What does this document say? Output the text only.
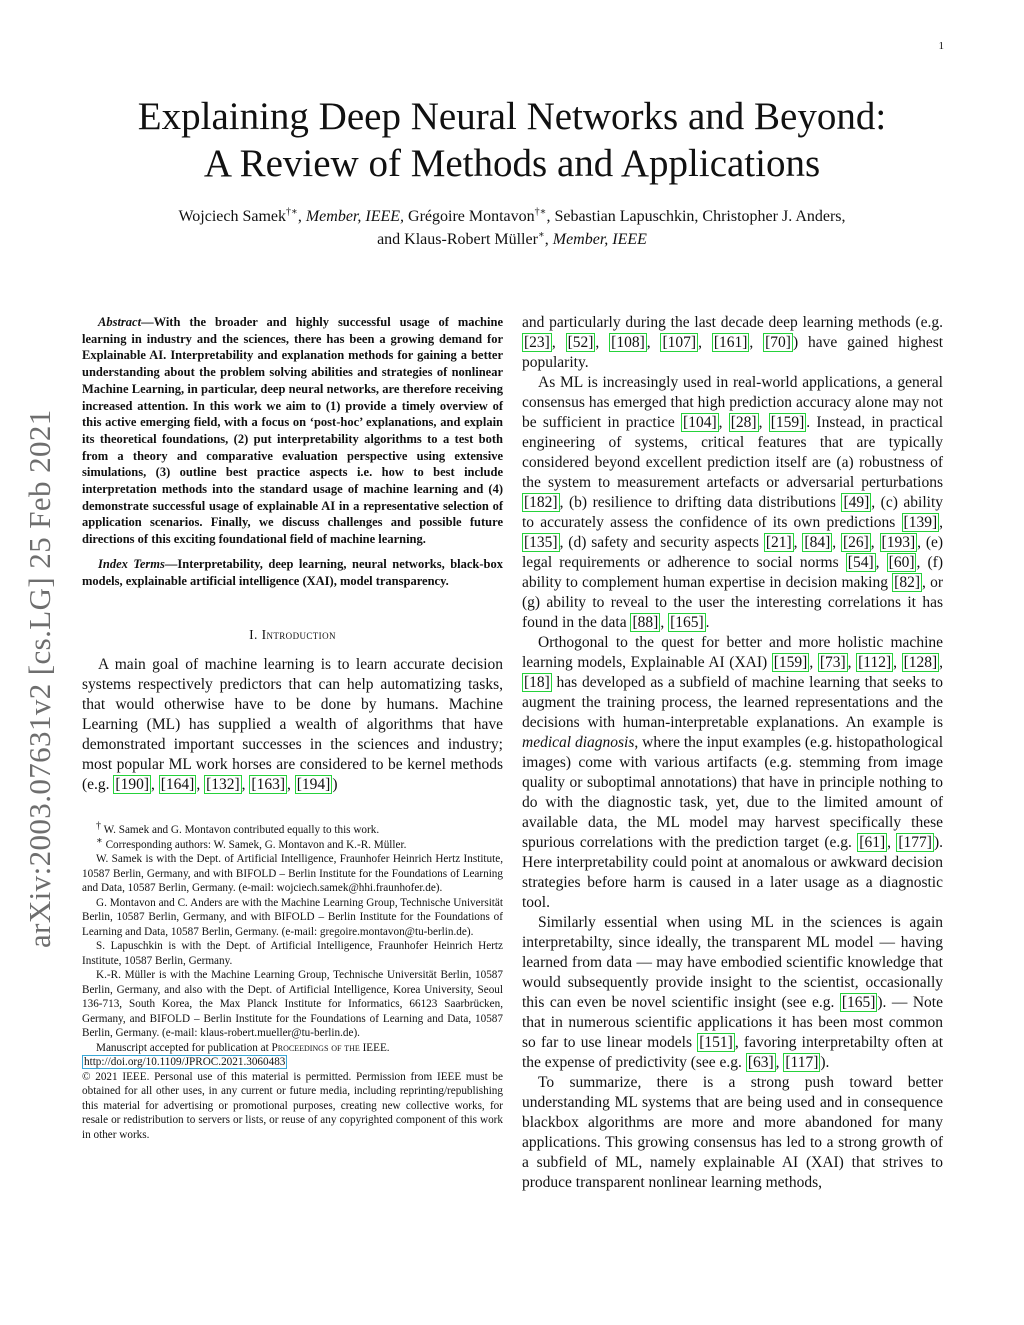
1
arXiv:2003.07631v2 [cs.LG] 25 Feb 2021
Explaining Deep Neural Networks and Beyond:
A Review of Methods and Applications
Wojciech Samek†∗, Member, IEEE, Grégoire Montavon†∗, Sebastian Lapuschkin, Christopher J. Anders,
and Klaus-Robert Müller∗, Member, IEEE

Abstract—With the broader and highly successful usage of machine learning in industry and the sciences, there has been a growing demand for Explainable AI. Interpretability and explanation methods for gaining a better understanding about the problem solving abilities and strategies of nonlinear Machine Learning, in particular, deep neural networks, are therefore receiving increased attention. In this work we aim to (1) provide a timely overview of this active emerging field, with a focus on ‘post-hoc’ explanations, and explain its theoretical foundations, (2) put interpretability algorithms to a test both from a theory and comparative evaluation perspective using extensive simulations, (3) outline best practice aspects i.e. how to best include interpretation methods into the standard usage of machine learning and (4) demonstrate successful usage of explainable AI in a representative selection of application scenarios. Finally, we discuss challenges and possible future directions of this exciting foundational field of machine learning.

Index Terms—Interpretability, deep learning, neural networks, black-box models, explainable artificial intelligence (XAI), model transparency.

I. Introduction

A main goal of machine learning is to learn accurate decision systems respectively predictors that can help automatizing tasks, that would otherwise have to be done by humans. Machine Learning (ML) has supplied a wealth of algorithms that have demonstrated important successes in the sciences and industry; most popular ML work horses are considered to be kernel methods (e.g. [190] , [164] , [132] , [163] , [194] )

† W. Samek and G. Montavon contributed equally to this work.

∗ Corresponding authors: W. Samek, G. Montavon and K.-R. Müller.

W. Samek is with the Dept. of Artificial Intelligence, Fraunhofer Heinrich Hertz Institute, 10587 Berlin, Germany, and with BIFOLD – Berlin Institute for the Foundations of Learning and Data, 10587 Berlin, Germany. (e-mail: wojciech.samek@hhi.fraunhofer.de).

G. Montavon and C. Anders are with the Machine Learning Group, Technische Universität Berlin, 10587 Berlin, Germany, and with BIFOLD – Berlin Institute for the Foundations of Learning and Data, 10587 Berlin, Germany. (e-mail: gregoire.montavon@tu-berlin.de).

S. Lapuschkin is with the Dept. of Artificial Intelligence, Fraunhofer Heinrich Hertz Institute, 10587 Berlin, Germany.

K.-R. Müller is with the Machine Learning Group, Technische Universität Berlin, 10587 Berlin, Germany, and also with the Dept. of Artificial Intelligence, Korea University, Seoul 136-713, South Korea, the Max Planck Institute for Informatics, 66123 Saarbrücken, Germany, and BIFOLD – Berlin Institute for the Foundations of Learning and Data, 10587 Berlin, Germany. (e-mail: klaus-robert.mueller@tu-berlin.de).

Manuscript accepted for publication at Proceedings of the IEEE.

http://doi.org/10.1109/JPROC.2021.3060483

© 2021 IEEE. Personal use of this material is permitted. Permission from IEEE must be obtained for all other uses, in any current or future media, including reprinting/republishing this material for advertising or promotional purposes, creating new collective works, for resale or redistribution to servers or lists, or reuse of any copyrighted component of this work in other works.

and particularly during the last decade deep learning methods (e.g. [23] , [52] , [108] , [107] , [161] , [70] ) have gained highest popularity.

As ML is increasingly used in real-world applications, a general consensus has emerged that high prediction accuracy alone may not be sufficient in practice [104] , [28] , [159] . Instead, in practical engineering of systems, critical features that are typically considered beyond excellent prediction itself are (a) robustness of the system to measurement artefacts or adversarial perturbations [182] , (b) resilience to drifting data distributions [49] , (c) ability to accurately assess the confidence of its own predictions [139] , [135] , (d) safety and security aspects [21] , [84] , [26] , [193] , (e) legal requirements or adherence to social norms [54] , [60] , (f) ability to complement human expertise in decision making [82] , or (g) ability to reveal to the user the interesting correlations it has found in the data [88] , [165] .

Orthogonal to the quest for better and more holistic machine learning models, Explainable AI (XAI) [159] , [73] , [112] , [128] , [18] has developed as a subfield of machine learning that seeks to augment the training process, the learned representations and the decisions with human-interpretable explanations. An example is medical diagnosis, where the input examples (e.g. histopathological images) come with various artifacts (e.g. stemming from image quality or suboptimal annotations) that have in principle nothing to do with the diagnostic task, yet, due to the limited amount of available data, the ML model may harvest specifically these spurious correlations with the prediction target (e.g. [61] , [177] ). Here interpretability could point at anomalous or awkward decision strategies before harm is caused in a later usage as a diagnostic tool.

Similarly essential when using ML in the sciences is again interpretabilty, since ideally, the transparent ML model — having learned from data — may have embodied scientific knowledge that would subsequently provide insight to the scientist, occasionally this can even be novel scientific insight (see e.g. [165] ). — Note that in numerous scientific applications it has been most common so far to use linear models [151] , favoring interpretabilty often at the expense of predictivity (see e.g. [63] , [117] ).

To summarize, there is a strong push toward better understanding ML systems that are being used and in consequence blackbox algorithms are more and more abandoned for many applications. This growing consensus has led to a strong growth of a subfield of ML, namely explainable AI (XAI) that strives to produce transparent nonlinear learning methods,
